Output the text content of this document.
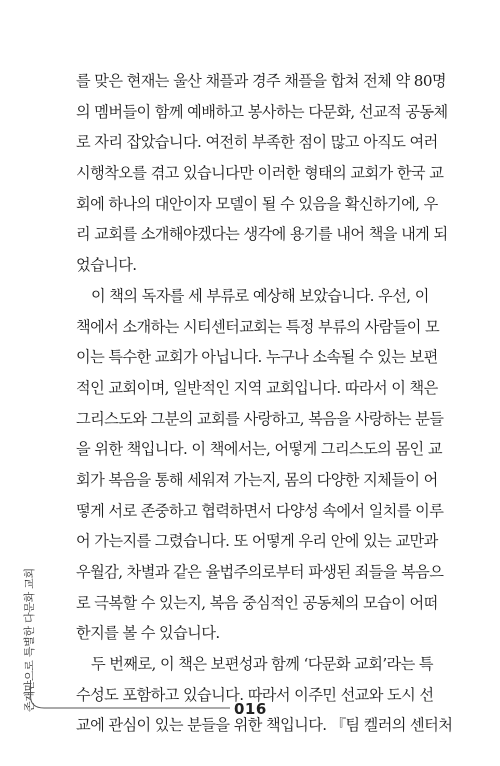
를 맞은 현재는 울산 채플과 경주 채플을 합쳐 전체 약 80명
의 멤버들이 함께 예배하고 봉사하는 다문화, 선교적 공동체
로 자리 잡았습니다. 여전히 부족한 점이 많고 아직도 여러
시행착오를 겪고 있습니다만 이러한 형태의 교회가 한국 교
회에 하나의 대안이자 모델이 될 수 있음을 확신하기에, 우
리 교회를 소개해야겠다는 생각에 용기를 내어 책을 내게 되
었습니다.
이 책의 독자를 세 부류로 예상해 보았습니다. 우선, 이
책에서 소개하는 시티센터교회는 특정 부류의 사람들이 모
이는 특수한 교회가 아닙니다. 누구나 소속될 수 있는 보편
적인 교회이며, 일반적인 지역 교회입니다. 따라서 이 책은
그리스도와 그분의 교회를 사랑하고, 복음을 사랑하는 분들
을 위한 책입니다. 이 책에서는, 어떻게 그리스도의 몸인 교
회가 복음을 통해 세워져 가는지, 몸의 다양한 지체들이 어
떻게 서로 존중하고 협력하면서 다양성 속에서 일치를 이루
어 가는지를 그렸습니다. 또 어떻게 우리 안에 있는 교만과
우월감, 차별과 같은 율법주의로부터 파생된 죄들을 복음으
로 극복할 수 있는지, 복음 중심적인 공동체의 모습이 어떠
한지를 볼 수 있습니다.
두 번째로, 이 책은 보편성과 함께 ‘다문화 교회’라는 특
수성도 포함하고 있습니다. 따라서 이주민 선교와 도시 선
교에 관심이 있는 분들을 위한 책입니다. 『팀 켈러의 센터처
존재만으로 특별한 다문화 교회	016
